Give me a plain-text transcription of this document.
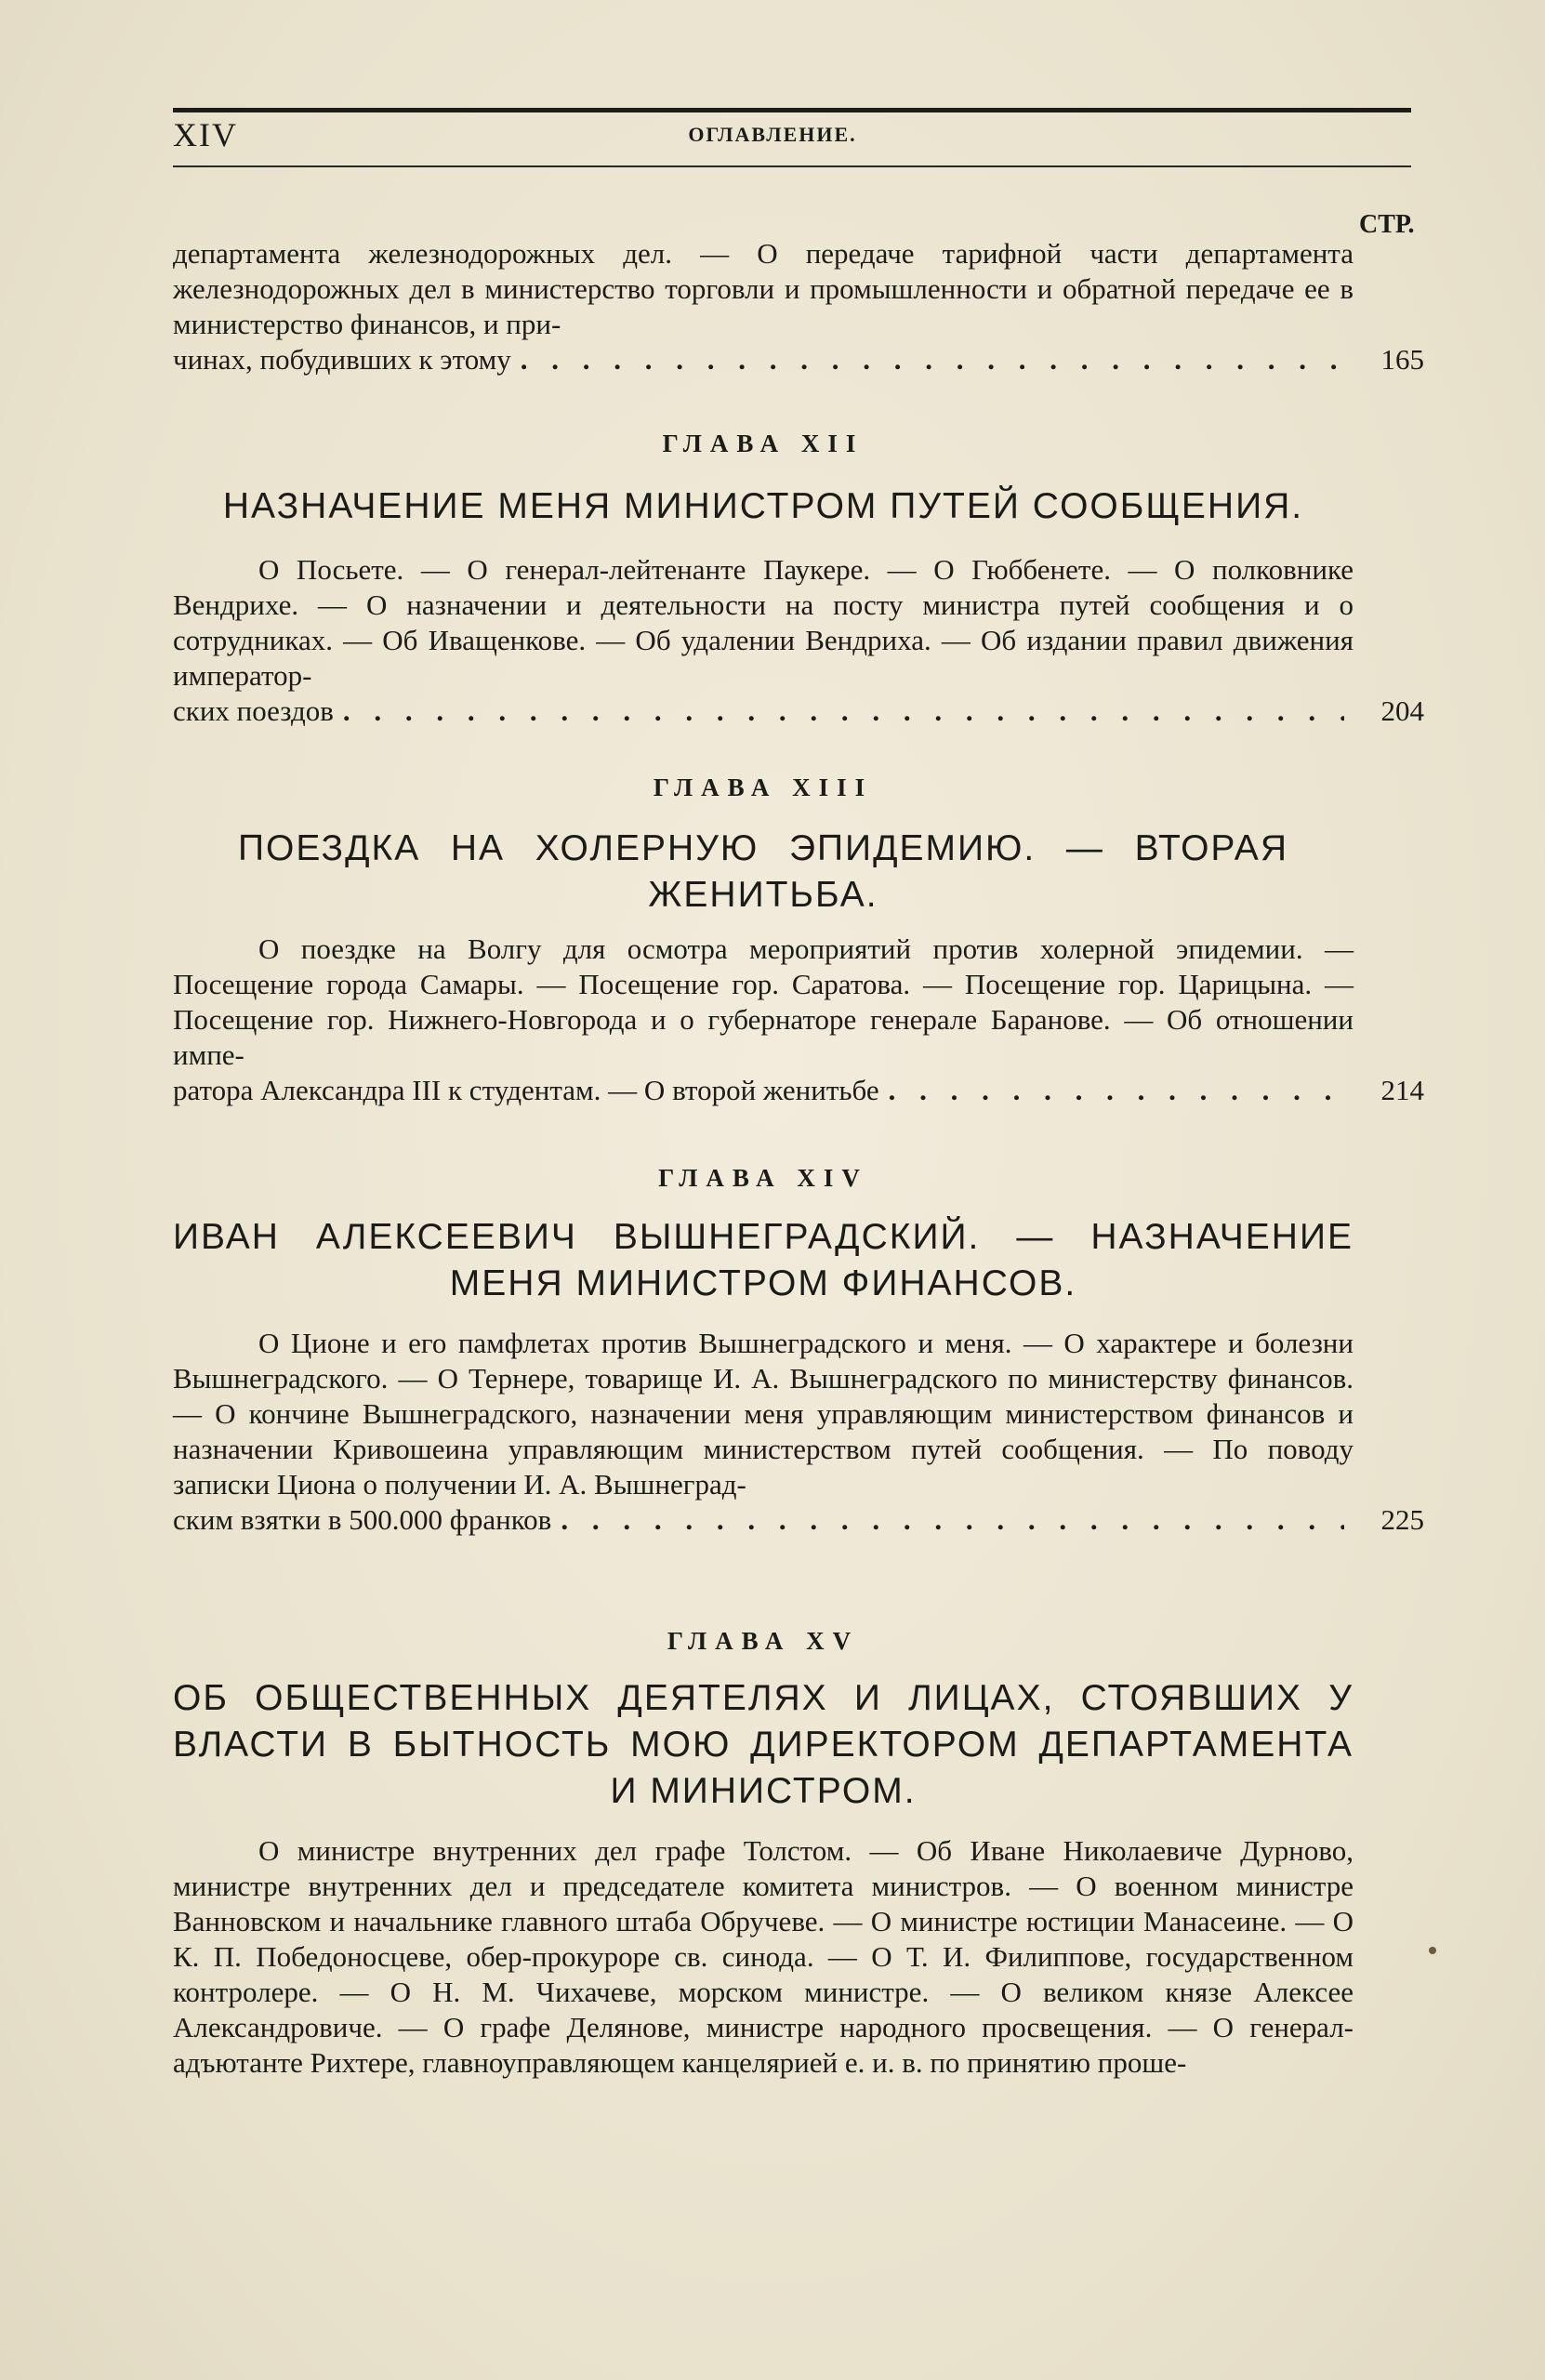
XIV	ОГЛАВЛЕНИЕ.
СТР.
департамента железнодорожных дел. — О передаче тарифной части департамента железнодорожных дел в министерство торговли и промышленности и обратной передаче ее в министерство финансов, и при-
чинах, побудивших к этому . . .	165
ГЛАВА XII
НАЗНАЧЕНИЕ МЕНЯ МИНИСТРОМ ПУТЕЙ СООБЩЕНИЯ.
О Посьете. — О генерал-лейтенанте Паукере. — О Гюббенете. — О полковнике Вендрихе. — О назначении и деятельности на посту министра путей сообщения и о сотрудниках. — Об Иващенкове. — Об удалении Вендриха. — Об издании правил движения император-
ских поездов . . .	204
ГЛАВА XIII
ПОЕЗДКА НА ХОЛЕРНУЮ ЭПИДЕМИЮ. — ВТОРАЯ ЖЕНИТЬБА.
О поездке на Волгу для осмотра мероприятий против холерной эпидемии. — Посещение города Самары. — Посещение гор. Саратова. — Посещение гор. Царицына. — Посещение гор. Нижнего-Новгорода и о губернаторе генерале Баранове. — Об отношении импе-
ратора Александра III к студентам. — О второй женитьбе . . .	214
ГЛАВА XIV
ИВАН АЛЕКСЕЕВИЧ ВЫШНЕГРАДСКИЙ. — НАЗНАЧЕНИЕ МЕНЯ МИНИСТРОМ ФИНАНСОВ.
О Ционе и его памфлетах против Вышнеградского и меня. — О характере и болезни Вышнеградского. — О Тернере, товарище И. А. Вышнеградского по министерству финансов. — О кончине Вышнеградского, назначении меня управляющим министерством финансов и назначении Кривошеина управляющим министерством путей сообщения. — По поводу записки Циона о получении И. А. Вышнеград-
ским взятки в 500.000 франков . . .	225
ГЛАВА XV
ОБ ОБЩЕСТВЕННЫХ ДЕЯТЕЛЯХ И ЛИЦАХ, СТОЯВШИХ У ВЛАСТИ В БЫТНОСТЬ МОЮ ДИРЕКТОРОМ ДЕПАРТАМЕНТА И МИНИСТРОМ.
О министре внутренних дел графе Толстом. — Об Иване Николаевиче Дурново, министре внутренних дел и председателе комитета министров. — О военном министре Ванновском и начальнике главного штаба Обручеве. — О министре юстиции Манасеине. — О К. П. Победоносцеве, обер-прокуроре св. синода. — О Т. И. Филиппове, государственном контролере. — О Н. М. Чихачеве, морском министре. — О великом князе Алексее Александровиче. — О графе Делянове, министре народного просвещения. — О генерал-адъютанте Рихтере, главноуправляющем канцелярией е. и. в. по принятию проше-
